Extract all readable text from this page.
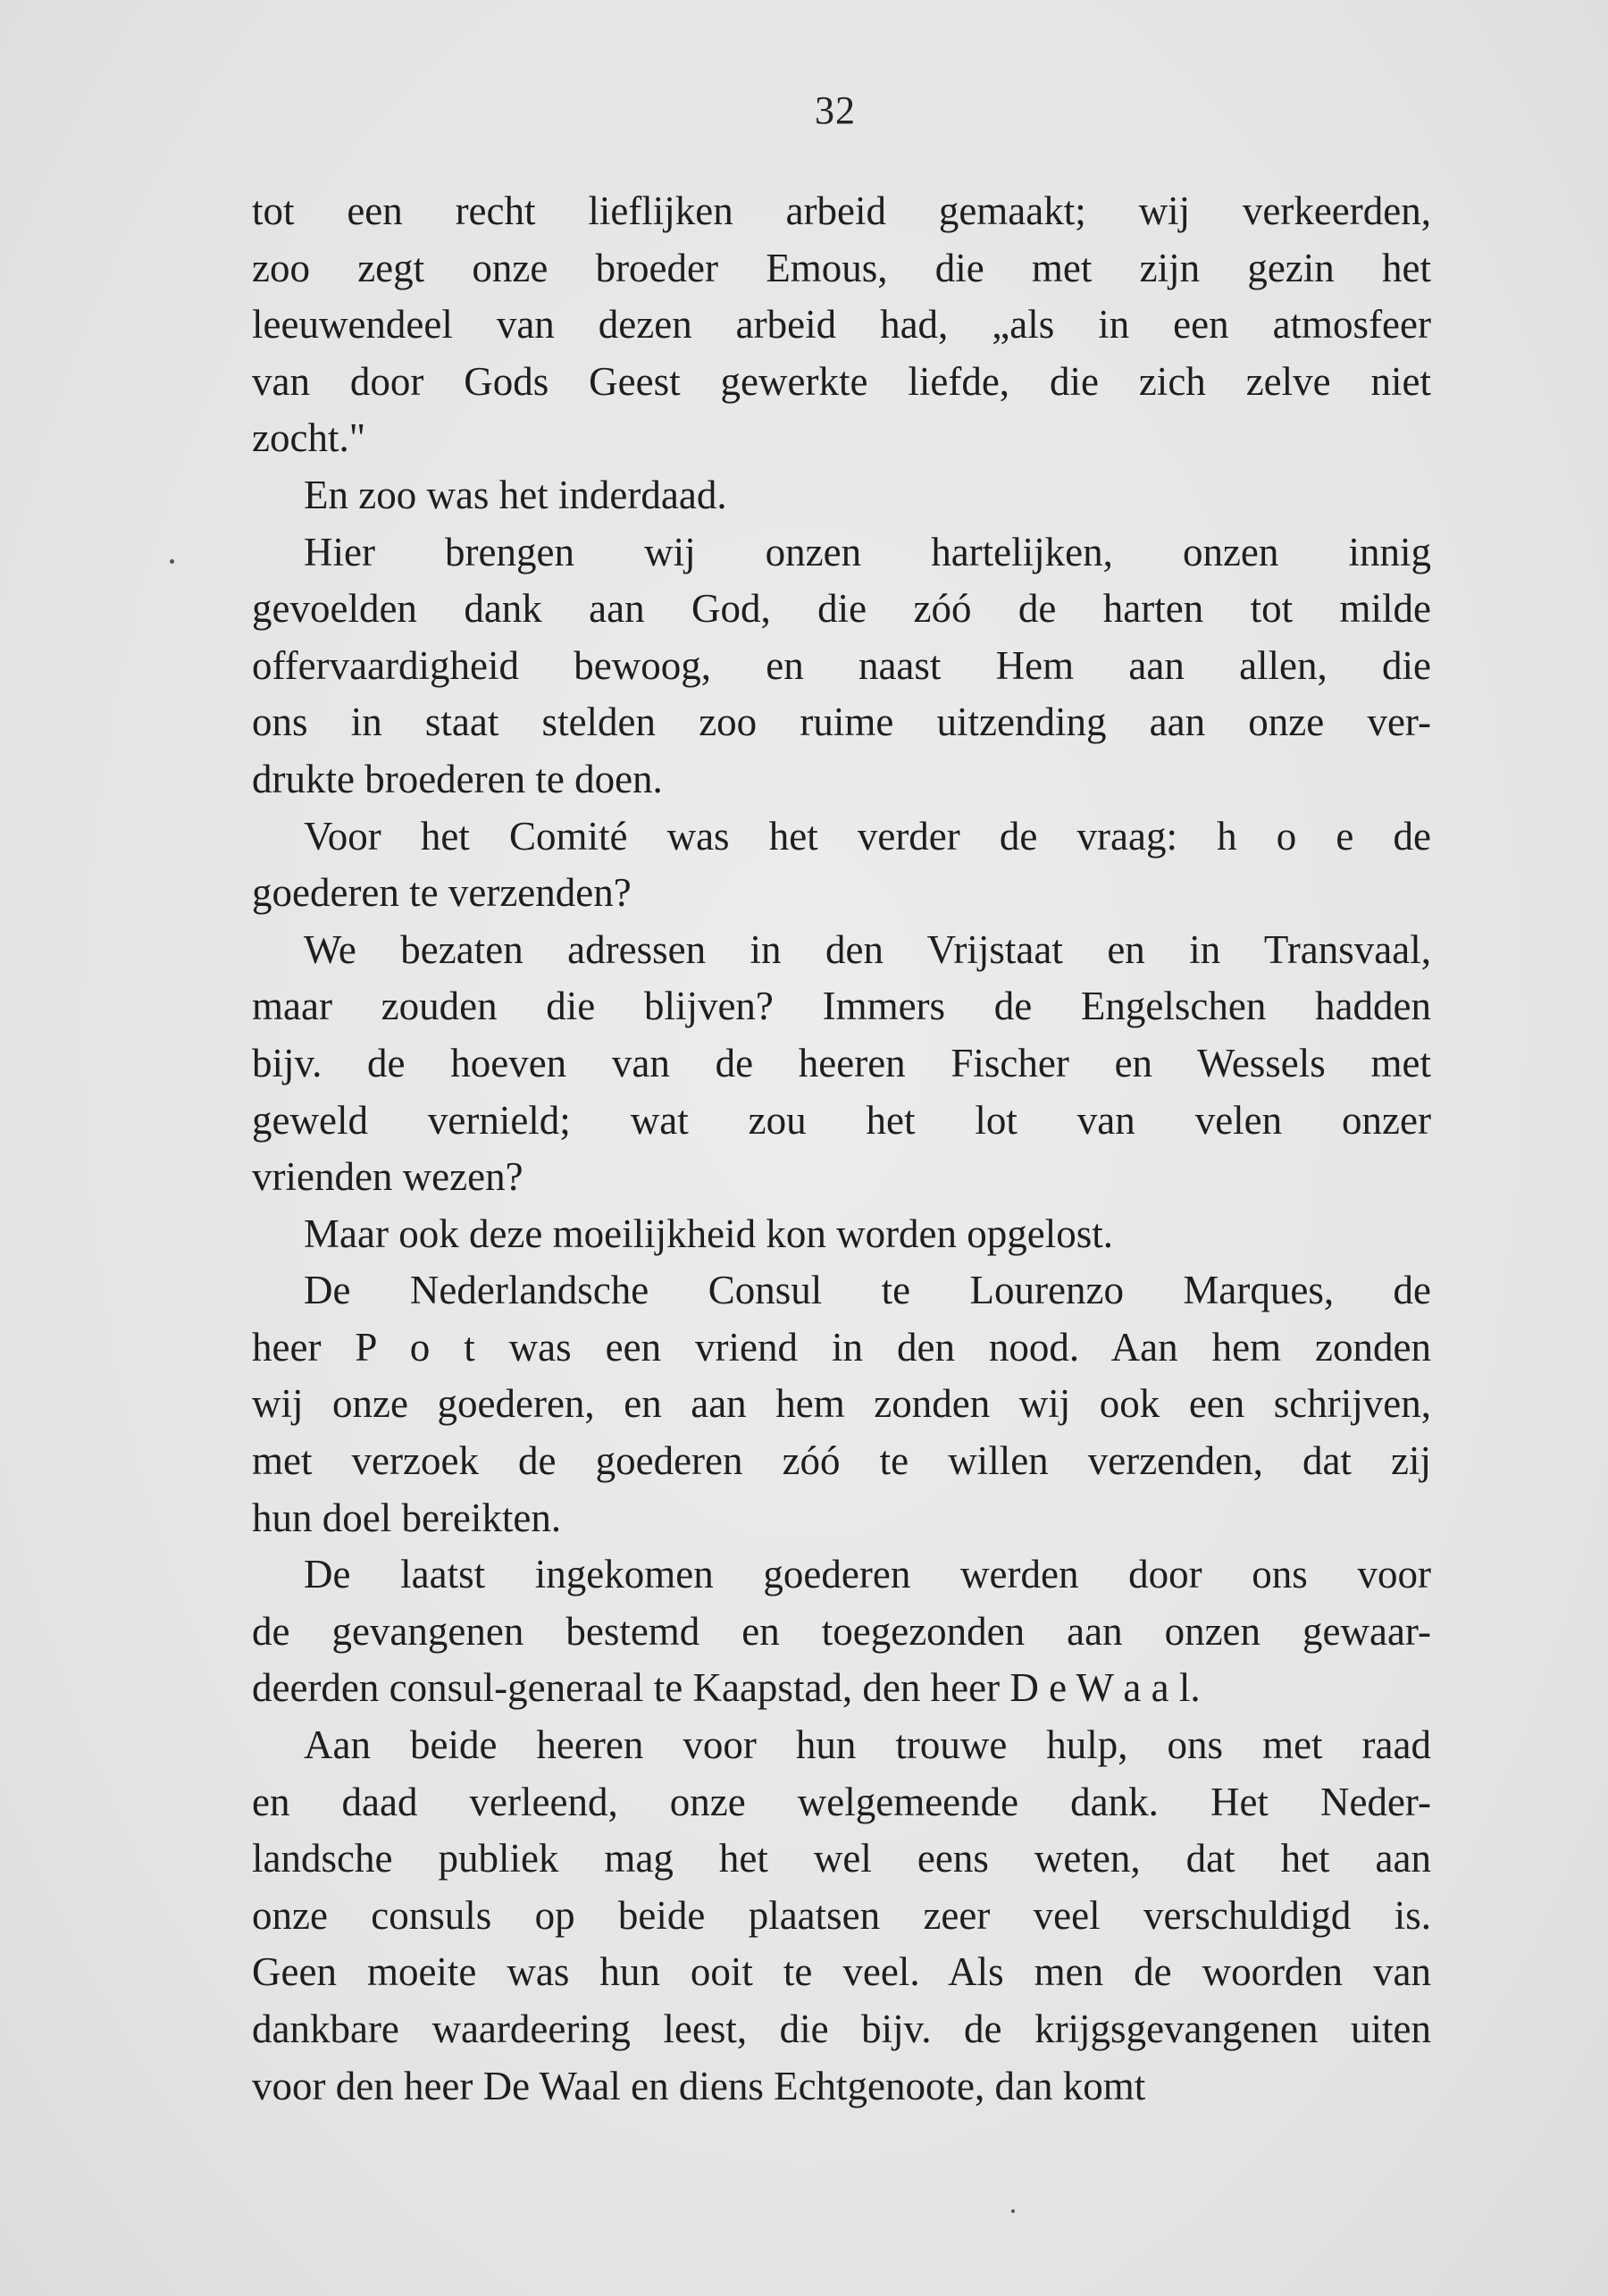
32
tot een recht lieflijken arbeid gemaakt; wij verkeerden,
zoo zegt onze broeder Emous, die met zijn gezin het
leeuwendeel van dezen arbeid had, „als in een atmosfeer
van door Gods Geest gewerkte liefde, die zich zelve niet
zocht."
En zoo was het inderdaad.
Hier brengen wij onzen hartelijken, onzen innig
gevoelden dank aan God, die zóó de harten tot milde
offervaardigheid bewoog, en naast Hem aan allen, die
ons in staat stelden zoo ruime uitzending aan onze ver-
drukte broederen te doen.
Voor het Comité was het verder de vraag: h o e de
goederen te verzenden?
We bezaten adressen in den Vrijstaat en in Transvaal,
maar zouden die blijven? Immers de Engelschen hadden
bijv. de hoeven van de heeren Fischer en Wessels met
geweld vernield; wat zou het lot van velen onzer
vrienden wezen?
Maar ook deze moeilijkheid kon worden opgelost.
De Nederlandsche Consul te Lourenzo Marques, de
heer P o t was een vriend in den nood. Aan hem zonden
wij onze goederen, en aan hem zonden wij ook een schrijven,
met verzoek de goederen zóó te willen verzenden, dat zij
hun doel bereikten.
De laatst ingekomen goederen werden door ons voor
de gevangenen bestemd en toegezonden aan onzen gewaar-
deerden consul-generaal te Kaapstad, den heer D e W a a l.
Aan beide heeren voor hun trouwe hulp, ons met raad
en daad verleend, onze welgemeende dank. Het Neder-
landsche publiek mag het wel eens weten, dat het aan
onze consuls op beide plaatsen zeer veel verschuldigd is.
Geen moeite was hun ooit te veel. Als men de woorden van
dankbare waardeering leest, die bijv. de krijgsgevangenen uiten
voor den heer De Waal en diens Echtgenoote, dan komt
